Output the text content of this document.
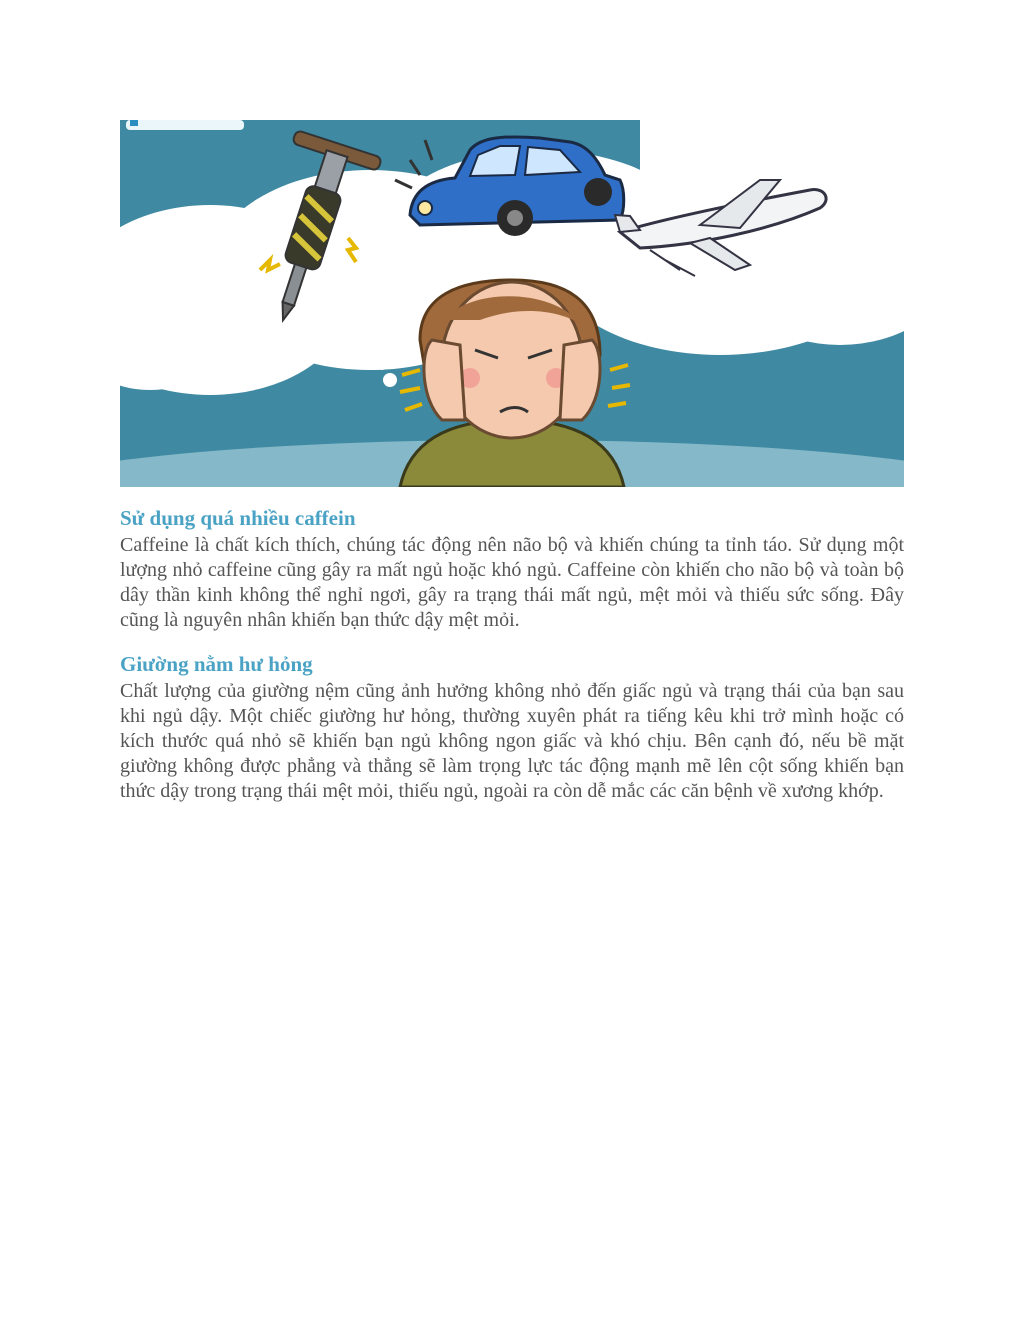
Sử dụng quá nhiều caffein

Caffeine là chất kích thích, chúng tác động nên não bộ và khiến chúng ta tỉnh táo. Sử dụng một lượng nhỏ caffeine cũng gây ra mất ngủ hoặc khó ngủ. Caffeine còn khiến cho não bộ và toàn bộ dây thần kinh không thể nghỉ ngơi, gây ra trạng thái mất ngủ, mệt mỏi và thiếu sức sống. Đây cũng là nguyên nhân khiến bạn thức dậy mệt mỏi.

Giường nằm hư hỏng

Chất lượng của giường nệm cũng ảnh hưởng không nhỏ đến giấc ngủ và trạng thái của bạn sau khi ngủ dậy. Một chiếc giường hư hỏng, thường xuyên phát ra tiếng kêu khi trở mình hoặc có kích thước quá nhỏ sẽ khiến bạn ngủ không ngon giấc và khó chịu. Bên cạnh đó, nếu bề mặt giường không được phẳng và thẳng sẽ làm trọng lực tác động mạnh mẽ lên cột sống khiến bạn thức dậy trong trạng thái mệt mỏi, thiếu ngủ, ngoài ra còn dễ mắc các căn bệnh về xương khớp.
